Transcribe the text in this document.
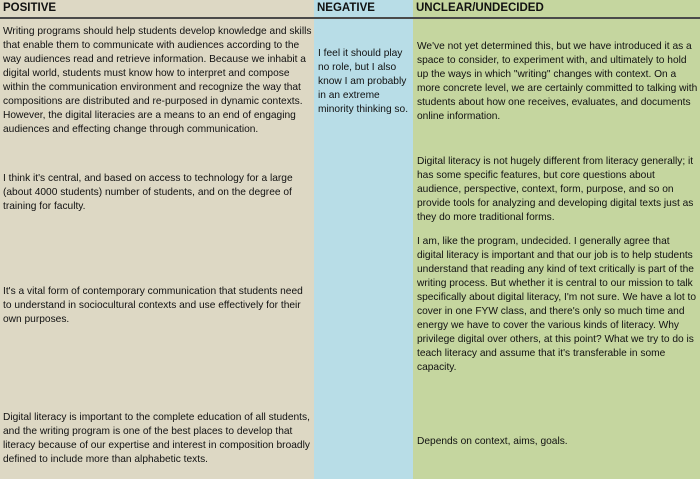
POSITIVE	NEGATIVE	UNCLEAR/UNDECIDED
Writing programs should help students develop knowledge and skills that enable them to communicate with audiences according to the way audiences read and retrieve information. Because we inhabit a digital world, students must know how to interpret and compose within the communication environment and recognize the way that compositions are distributed and re-purposed in dynamic contexts. However, the digital literacies are a means to an end of engaging audiences and effecting change through communication.
I think it's central, and based on access to technology for a large (about 4000 students) number of students, and on the degree of training for faculty.
It's a vital form of contemporary communication that students need to understand in sociocultural contexts and use effectively for their own purposes.
Digital literacy is important to the complete education of all students, and the writing program is one of the best places to develop that literacy because of our expertise and interest in composition broadly defined to include more than alphabetic texts.
I feel it should play no role, but I also know I am probably in an extreme minority thinking so.
We've not yet determined this, but we have introduced it as a space to consider, to experiment with, and ultimately to hold up the ways in which "writing" changes with context. On a more concrete level, we are certainly committed to talking with students about how one receives, evaluates, and documents online information.
Digital literacy is not hugely different from literacy generally; it has some specific features, but core questions about audience, perspective, context, form, purpose, and so on provide tools for analyzing and developing digital texts just as they do more traditional forms.
I am, like the program, undecided. I generally agree that digital literacy is important and that our job is to help students understand that reading any kind of text critically is part of the writing process. But whether it is central to our mission to talk specifically about digital literacy, I'm not sure. We have a lot to cover in one FYW class, and there's only so much time and energy we have to cover the various kinds of literacy. Why privilege digital over others, at this point? What we try to do is teach literacy and assume that it's transferable in some capacity.
Depends on context, aims, goals.
